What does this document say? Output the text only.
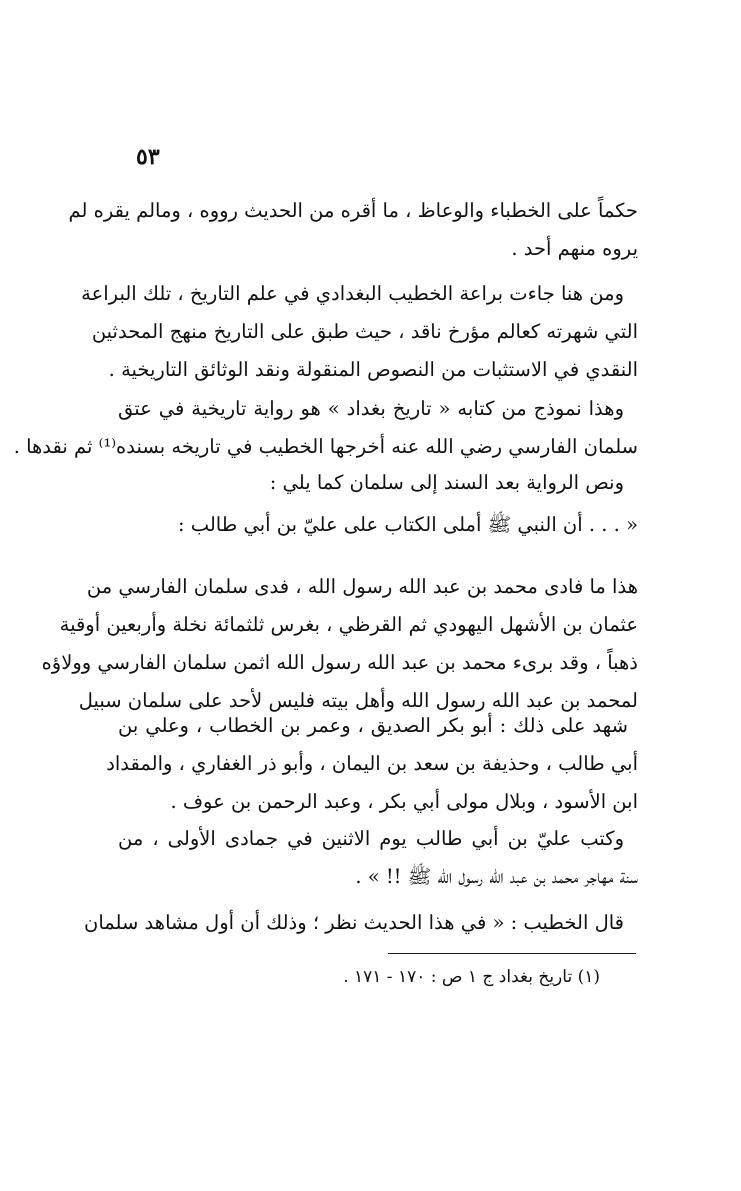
٥٣

حكماً على الخطباء والوعاظ ، ما أقره من الحديث رووه ، ومالم يقره لم
يروه منهم أحد .

ومن هنا جاءت براعة الخطيب البغدادي في علم التاريخ ، تلك البراعة
التي شهرته كعالم مؤرخ ناقد ، حيث طبق على التاريخ منهج المحدثين
النقدي في الاستثبات من النصوص المنقولة ونقد الوثائق التاريخية .

وهذا نموذج من كتابه « تاريخ بغداد » هو رواية تاريخية في عتق
سلمان الفارسي رضي الله عنه أخرجها الخطيب في تاريخه بسنده⁽¹⁾ ثم نقدها .

ونص الرواية بعد السند إلى سلمان كما يلي :

« . . . أن النبي ﷺ أملى الكتاب على عليّ بن أبي طالب :

هذا ما فادى محمد بن عبد الله رسول الله ، فدى سلمان الفارسي من
عثمان بن الأشهل اليهودي ثم القرظي ، بغرس ثلثمائة نخلة وأربعين أوقية
ذهباً ، وقد برىء محمد بن عبد الله رسول الله اثمن سلمان الفارسي وولاؤه
لمحمد بن عبد الله رسول الله وأهل بيته فليس لأحد على سلمان سبيل

شهد على ذلك : أبو بكر الصديق ، وعمر بن الخطاب ، وعلي بن
أبي طالب ، وحذيفة بن سعد بن اليمان ، وأبو ذر الغفاري ، والمقداد
ابن الأسود ، وبلال مولى أبي بكر ، وعبد الرحمن بن عوف .

وكتب عليّ بن أبي طالب يوم الاثنين في جمادى الأولى ، من
سنة مهاجر محمد بن عبد الله رسول الله ﷺ !! » .

قال الخطيب : « في هذا الحديث نظر ؛ وذلك أن أول مشاهد سلمان

(١) تاريخ بغداد ج ١ ص : ١٧٠ - ١٧١ .
